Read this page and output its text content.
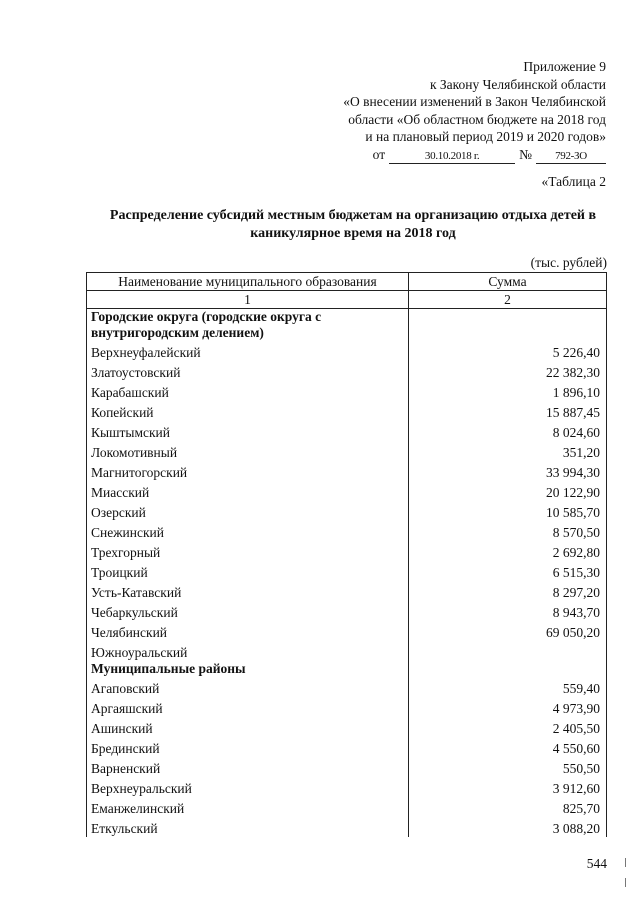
Приложение 9
к Закону Челябинской области
«О внесении изменений в Закон Челябинской
области «Об областном бюджете на 2018 год
и на плановый период 2019 и 2020 годов»
от	30.10.2018 г.	№	792-ЗО
«Таблица 2
Распределение субсидий местным бюджетам на организацию отдыха детей в каникулярное время на 2018 год
(тыс. рублей)
Наименование муниципального образования	Сумма
1	2
Городские округа (городские округа с внутригородским делением)	
Верхнеуфалейский	5 226,40
Златоустовский	22 382,30
Карабашский	1 896,10
Копейский	15 887,45
Кыштымский	8 024,60
Локомотивный	351,20
Магнитогорский	33 994,30
Миасский	20 122,90
Озерский	10 585,70
Снежинский	8 570,50
Трехгорный	2 692,80
Троицкий	6 515,30
Усть-Катавский	8 297,20
Чебаркульский	8 943,70
Челябинский	69 050,20
Южноуральский	
Муниципальные районы	
Агаповский	559,40
Аргаяшский	4 973,90
Ашинский	2 405,50
Брединский	4 550,60
Варненский	550,50
Верхнеуральский	3 912,60
Еманжелинский	825,70
Еткульский	3 088,20
544
